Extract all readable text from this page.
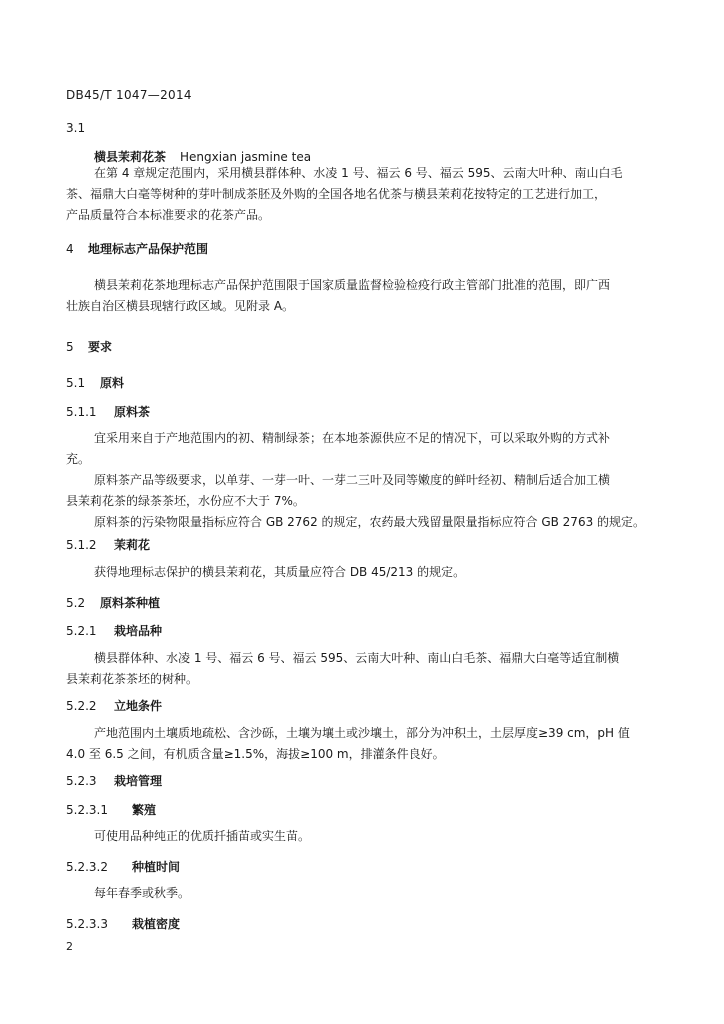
DB45/T 1047—2014
3.1
横县茉莉花茶 Hengxian jasmine tea
在第 4 章规定范围内，采用横县群体种、水凌 1 号、福云 6 号、福云 595、云南大叶种、南山白毛
茶、福鼎大白毫等树种的芽叶制成茶胚及外购的全国各地名优茶与横县茉莉花按特定的工艺进行加工，
产品质量符合本标准要求的花茶产品。
4 地理标志产品保护范围
横县茉莉花茶地理标志产品保护范围限于国家质量监督检验检疫行政主管部门批准的范围，即广西
壮族自治区横县现辖行政区域。见附录 A。
5 要求
5.1 原料
5.1.1 原料茶
宜采用来自于产地范围内的初、精制绿茶；在本地茶源供应不足的情况下，可以采取外购的方式补
充。
原料茶产品等级要求，以单芽、一芽一叶、一芽二三叶及同等嫩度的鲜叶经初、精制后适合加工横
县茉莉花茶的绿茶茶坯，水份应不大于 7%。
原料茶的污染物限量指标应符合 GB 2762 的规定，农药最大残留量限量指标应符合 GB 2763 的规定。
5.1.2 茉莉花
获得地理标志保护的横县茉莉花，其质量应符合 DB 45/213 的规定。
5.2 原料茶种植
5.2.1 栽培品种
横县群体种、水凌 1 号、福云 6 号、福云 595、云南大叶种、南山白毛茶、福鼎大白毫等适宜制横
县茉莉花茶茶坯的树种。
5.2.2 立地条件
产地范围内土壤质地疏松、含沙砾，土壤为壤土或沙壤土，部分为冲积土，土层厚度≥39 cm，pH 值
4.0 至 6.5 之间，有机质含量≥1.5%，海拔≥100 m，排灌条件良好。
5.2.3 栽培管理
5.2.3.1 繁殖
可使用品种纯正的优质扦插苗或实生苗。
5.2.3.2 种植时间
每年春季或秋季。
5.2.3.3 栽植密度
2
